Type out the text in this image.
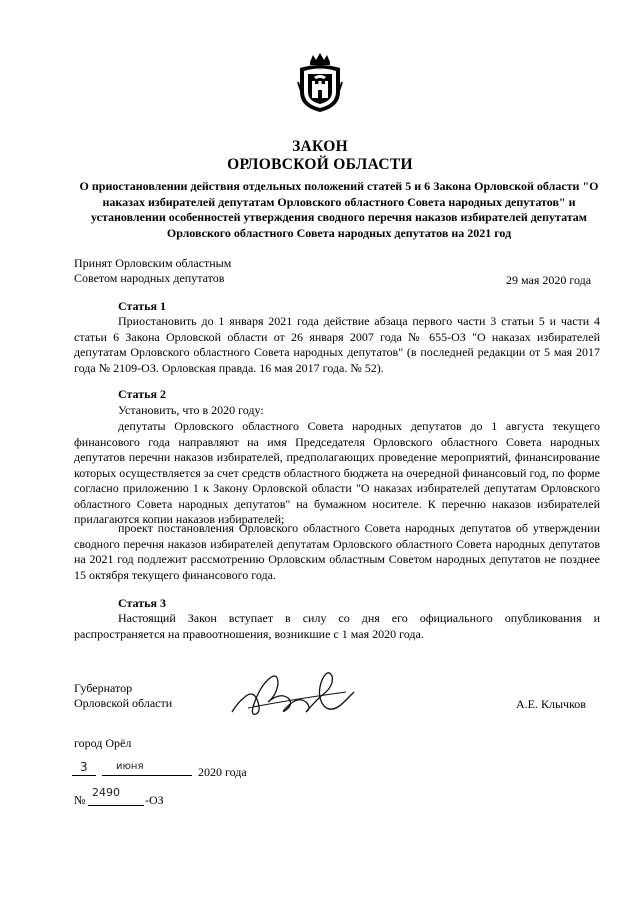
ЗАКОН
ОРЛОВСКОЙ ОБЛАСТИ
О приостановлении действия отдельных положений статей 5 и 6 Закона Орловской области "О наказах избирателей депутатам Орловского областного Совета народных депутатов" и установлении особенностей утверждения сводного перечня наказов избирателей депутатам Орловского областного Совета народных депутатов на 2021 год
Принят Орловским областным
Советом народных депутатов	29 мая 2020 года
Статья 1
Приостановить до 1 января 2021 года действие абзаца первого части 3 статьи 5 и части 4 статьи 6 Закона Орловской области от 26 января 2007 года № 655-ОЗ "О наказах избирателей депутатам Орловского областного Совета народных депутатов" (в последней редакции от 5 мая 2017 года № 2109-ОЗ. Орловская правда. 16 мая 2017 года. № 52).
Статья 2
Установить, что в 2020 году:
депутаты Орловского областного Совета народных депутатов до 1 августа текущего финансового года направляют на имя Председателя Орловского областного Совета народных депутатов перечни наказов избирателей, предполагающих проведение мероприятий, финансирование которых осуществляется за счет средств областного бюджета на очередной финансовый год, по форме согласно приложению 1 к Закону Орловской области "О наказах избирателей депутатам Орловского областного Совета народных депутатов" на бумажном носителе. К перечню наказов избирателей прилагаются копии наказов избирателей;
проект постановления Орловского областного Совета народных депутатов об утверждении сводного перечня наказов избирателей депутатам Орловского областного Совета народных депутатов на 2021 год подлежит рассмотрению Орловским областным Советом народных депутатов не позднее 15 октября текущего финансового года.
Статья 3
Настоящий Закон вступает в силу со дня его официального опубликования и распространяется на правоотношения, возникшие с 1 мая 2020 года.
Губернатор
Орловской области	А.Е. Клычков
город Орёл
3	июня	2020 года
№
2490
-ОЗ
